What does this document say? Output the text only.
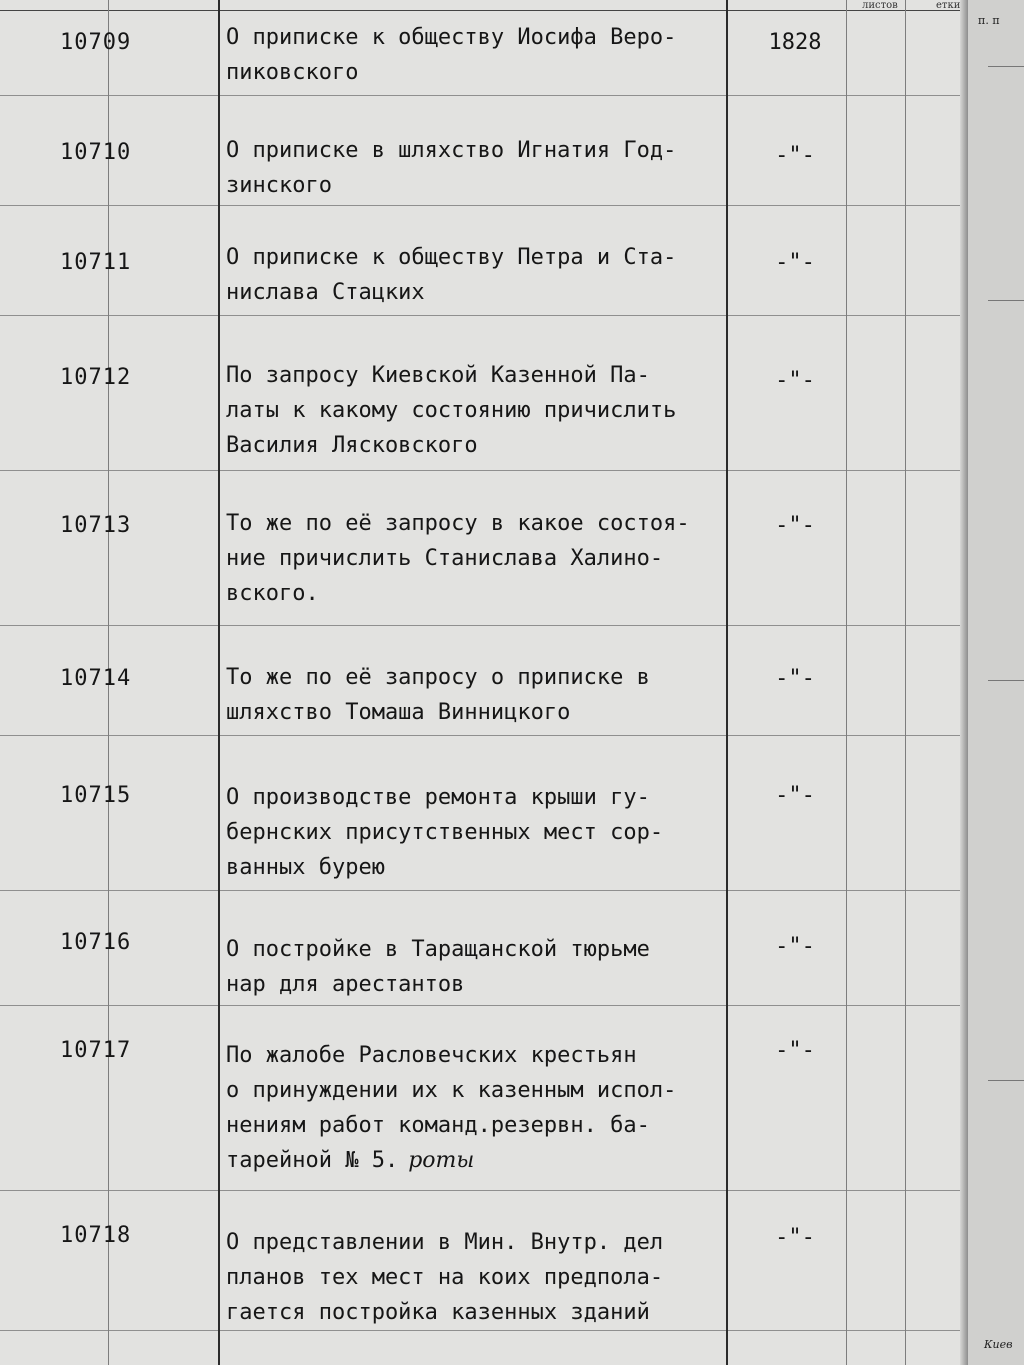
листов	етки
10709	О приписке к обществу Иосифа Веро-
пиковского
1828
10710	О приписке в шляхство Игнатия Год-
зинского
-"-
10711	О приписке к обществу Петра и Ста-
нислава Стацких
-"-
10712	По запросу Киевской Казенной Па-
латы к какому состоянию причислить
Василия Лясковского
-"-
10713	То же по её запросу в какое состоя-
ние причислить Станислава Халино-
вского.
-"-
10714	То же по её запросу о приписке в
шляхство Томаша Винницкого
-"-
10715	О производстве ремонта крыши гу-
бернских присутственных мест сор-
ванных бурею
-"-
10716	О постройке в Таращанской тюрьме
нар для арестантов
-"-
10717	По жалобе Расловечских крестьян
о принуждении их к казенным испол-
нениям работ команд.резервн. ба-
тарейной № 5. роты
-"-
10718	О представлении в Мин. Внутр. дел
планов тех мест на коих предпола-
гается постройка казенных зданий
-"-
п. п
Киев
